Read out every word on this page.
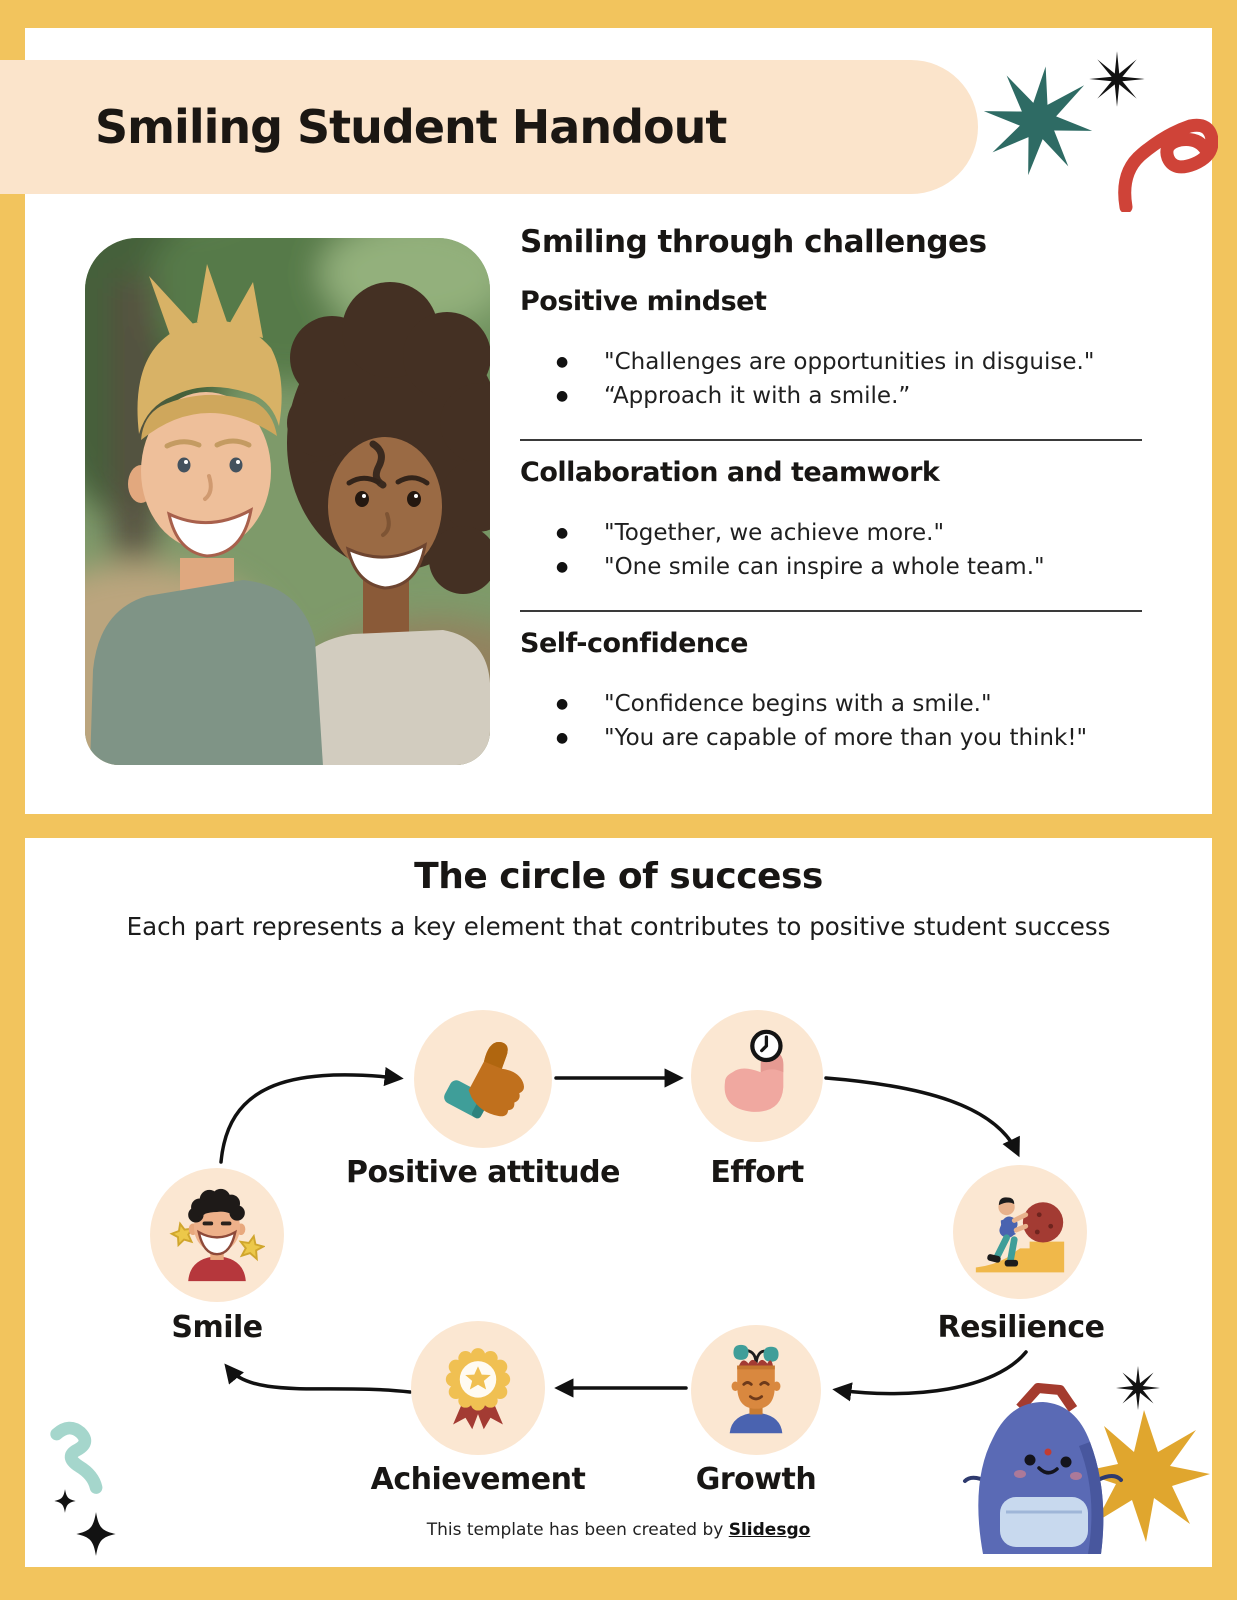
Smiling Student Handout
Smiling through challenges
Positive mindset
● "Challenges are opportunities in disguise."
● “Approach it with a smile.”
Collaboration and teamwork
● "Together, we achieve more."
● "One smile can inspire a whole team."
Self-confidence
● "Confidence begins with a smile."
● "You are capable of more than you think!"
The circle of success

Each part represents a key element that contributes to positive student success

Smile
Positive attitude	Effort
Resilience
Growth
Achievement
This template has been created by Slidesgo
